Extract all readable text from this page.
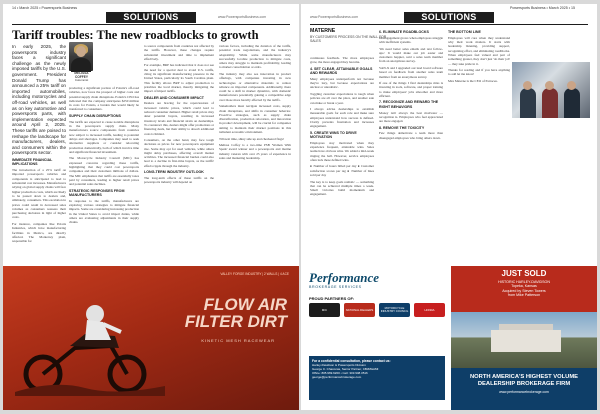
14 • March 2025 • Powersports Business
SOLUTIONS	www.PowersportsBusiness.com
Tariff troubles: The new roadblocks to growth

In early 2025, the powersports industry faces a significant challenge as the newly imposed tariffs by the U.S. government. President Donald Trump has announced a 25% tariff on imported automobiles, including motorcycles and off-road vehicles, as well as on key automotive and powersports parts, with implementation expected around April 2, 2025. These tariffs are poised to reshape the landscape for manufacturers, dealers, and consumers within the powersports sector.

IMMEDIATE FINANCIAL IMPLICATIONS

The introduction of a 25% tariff on imported powersports vehicles and components is anticipated to lead to substantial cost increases. Manufacturers relying on global supply chains will face higher production costs, which are likely to be passed down to dealers and, ultimately, consumers. This escalation in prices could result in decreased sales volumes as consumers reassess their purchasing decisions in light of higher costs.

For instance, companies like Polaris Industries, which have manufacturing facilities in Mexico, are directly affected. The Monterrey plant, responsible for

MELISSA COFFEY
Columnist

producing a significant portion of Polaris's off-road vehicles, now faces the prospect of higher costs and potential supply chain disruptions. Polaris's CEO has indicated that the company anticipates $250 million in costs for Polaris, a burden that would likely be transferred to consumers.

SUPPLY CHAIN DISRUPTIONS

The tariffs are expected to cause notable disruptions in the powersports supply chain. Many manufacturers source components from countries now subject to increased tariffs, leading to potential delays and shortages. Companies may need to seek alternative suppliers or consider relocating production domestically, both of which involve time and significant financial investment.

The Motorcycle Industry Council (MIC) has expressed concerns regarding these tariffs, highlighting that they could cost powersports companies and their customers millions of dollars. The MIC emphasizes that tariffs are essentially taxes paid by consumers, leading to higher retail prices and potential sales declines.

STRATEGIC RESPONSES FROM MANUFACTURERS

In response to the tariffs, manufacturers are exploring various strategies to mitigate financial impacts. Some are considering increasing production in the United States to avoid import duties, while others are evaluating adjustments in their supply chains.

to source components from countries not affected by the tariffs. However, these changes require substantial investment and time to implement effectively.

For example, BRP has indicated that it does not see the need for a special deal to avoid U.S. tariffs, citing its significant manufacturing presence in the United States, particularly its South Carolina plant. This facility allows BRP to adjust production to prioritize the local market, thereby mitigating the impact of import tariffs.

DEALER AND CONSUMER IMPACT

Dealers are bracing for the repercussions of increased vehicle prices, which could lead to reduced consumer demand. Higher retail prices may deter potential buyers, resulting in increased inventory levels and financial strain on dealerships. To counteract this, dealers might offer promotions or financing deals, but their ability to absorb additional costs is limited.

Consumers, on the other hand, may face tough decisions as prices for new powersports equipment rise. Some may opt for used vehicles, while others might delay purchases, affecting overall market activities. The increased financial burden could also lead to a decline in first-time buyers, as the tariffs' effects ripple through the industry.

LONG-TERM INDUSTRY OUTLOOK

The long-term effects of these tariffs on the powersports industry will depend on

various factors, including the duration of the tariffs, potential trade negotiations, and the industry's adaptability. While some manufacturers may successfully localize production to mitigate costs, others may struggle to maintain profitability, leading to market consolidation or exits.

The industry may also see innovation in product offerings, with companies investing in new technologies or alternative materials to reduce reliance on imported components. Additionally, there could be a shift in market dynamics, with domestic manufacturers potentially gaining a competitive edge over those more heavily affected by the tariffs.

Stakeholders must navigate increased costs, supply chain disruptions, and shifts in consumer behavior. Proactive strategies, such as supply chain diversification, production relocation, and innovation in product development, will be crucial for companies aiming to maintain their market positions in this turbulent economic environment.

Till next time, shiny side up and checkered flags!

Melissa Coffey is a two-time PSB 'Women With Spark' award winner and a powersports and marine industry veteran with over 25 years of experience in sales and marketing leadership.

VALLEY FORGE INDUSTRY | 2 WALLS | 4 ACE
FLOW AIR
FILTER DIRT
KINETIC MESH RACEWEAR
www.PowersportsBusiness.com	SOLUTIONS
Powersports Business • March 2025 • 15
MATERNE
BY CUSTOMERS PROCESS ON THE WALL FOR SALES

continuous feedback. The more employees grow, the more engaged they become.

4. SET CLEAR, ATTAINABLE GOALS AND REWARDS

Many employees underperform not because they're lazy, but because expectations are unclear or unrealistic.

Toggling customer expectations is tough when policies are all over the place, and another sale can make or break a year.

I always advise dealerships to establish measurable goals for each role and make sure employees understand how success is defined. Clarity prevents frustration and increases engagement.

5. CREATE WINS TO DRIVE MOTIVATION

Employees stay motivated when they experience frequent, attainable wins. Sales teams have obvious wins. We added a mid-week ringing the bell. However, service employees often lack these defined wins.

● Number of hours billed per day ● Customer satisfaction scores per tag ● Number of lines sold per day

The key is to keep goals realistic — something that can be achieved multiple times a week. Small victories build momentum and engagement.

6. ELIMINATE ROADBLOCKS

Disengagement grows when employees struggle with inefficient systems.

'We need better sales emails and text follow-ups.' It would make our job easier and customers happier, said a sales team member from an anonymous survey.

VAN-X and I upgraded our lead board software based on feedback from another sales team member from an anonymous survey.

If one of the things I find dealerships miss is investing in tools, software, and proper training to make employees' jobs smoother and more efficient.

7. RECOGNIZE AND REWARD THE RIGHT BEHAVIORS

Money isn't always the best motivator — recognition is. Employees who feel appreciated are more engaged.

8. REMOVE THE TOXICITY

Few things demotivate a team more than disengaged employees who bring others down.

THE BOTTOM LINE

Employees will care when they understand why their work matters. It starts with leadership listening, providing support, recognizing effort, and eliminating roadblocks. When employees feel valued and part of something greater, they don't just 'do their job' — they take pride in it.

Thanks for reading and if you have anything to add let me know!

Max Materne is the CEO of Parracea.

Performance
BROKERAGE SERVICES
PROUD PARTNERS OF:
MIC	NATIONAL DEALERS	MOTORCYCLE INDUSTRY COUNCIL	HONDA
For a confidential consultation, please contact us:
Harley-Davidson & Powersports Division
George C. Chaconas, Senior Partner, CBI/M&AMI
Office: 805.969.6200 • Cell: 303.948.3516
george@performancebrokerage.com
JUST SOLD
HISTORIC HARLEY-DAVIDSON
Topeka, Kansas
Acquired by Steven Towers
from Mike Patterson
NORTH AMERICA'S HIGHEST VOLUME
DEALERSHIP BROKERAGE FIRM
www.performancebrokerage.com
